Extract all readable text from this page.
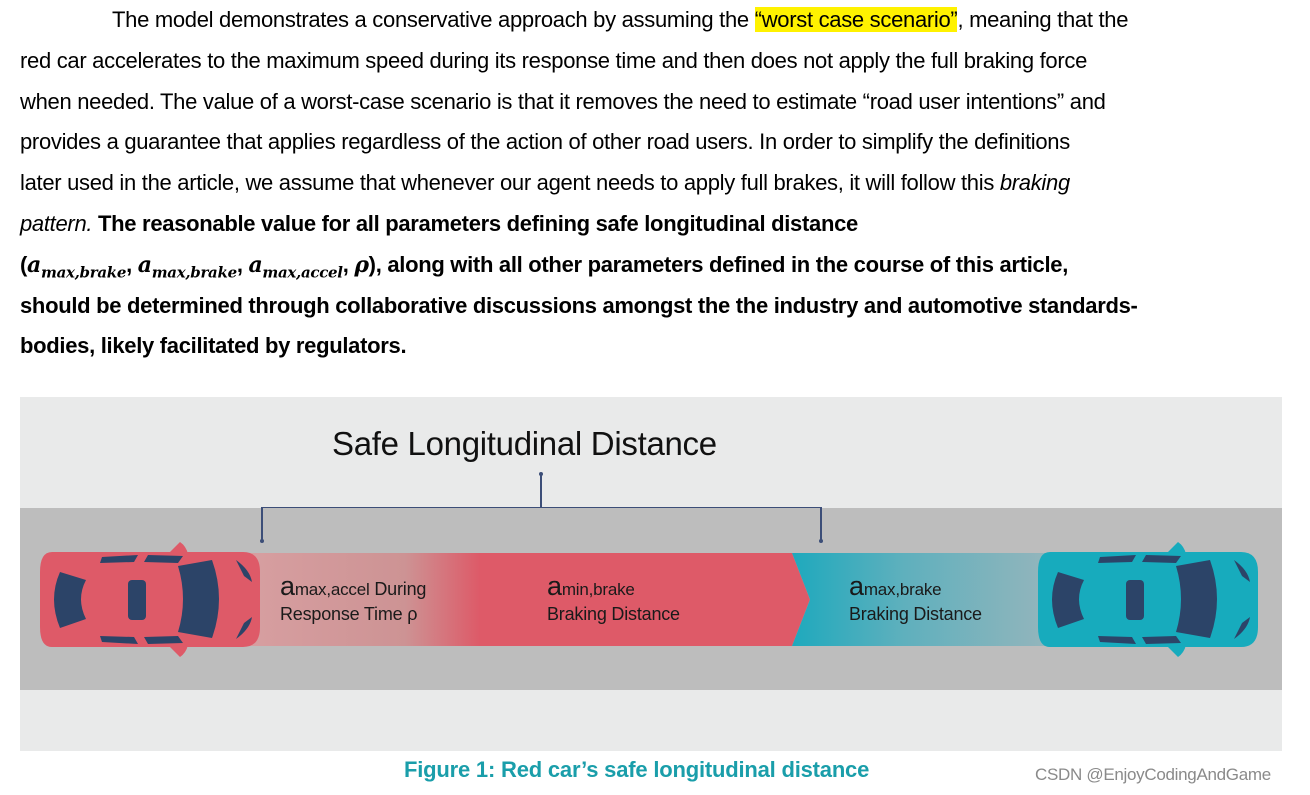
The model demonstrates a conservative approach by assuming the “worst case scenario”, meaning that the
red car accelerates to the maximum speed during its response time and then does not apply the full braking force
when needed. The value of a worst-case scenario is that it removes the need to estimate “road user intentions” and
provides a guarantee that applies regardless of the action of other road users. In order to simplify the definitions
later used in the article, we assume that whenever our agent needs to apply full brakes, it will follow this braking
pattern. The reasonable value for all parameters defining safe longitudinal distance
($a_{max,brake}$, $a_{max,brake}$, $a_{max,accel}$, ρ), along with all other parameters defined in the course of this article,
should be determined through collaborative discussions amongst the the industry and automotive standards-
bodies, likely facilitated by regulators.
Safe Longitudinal Distance
amax,accel During
Response Time ρ
amin,brake
Braking Distance
amax,brake
Braking Distance
Figure 1: Red car’s safe longitudinal distance	CSDN @EnjoyCodingAndGame
